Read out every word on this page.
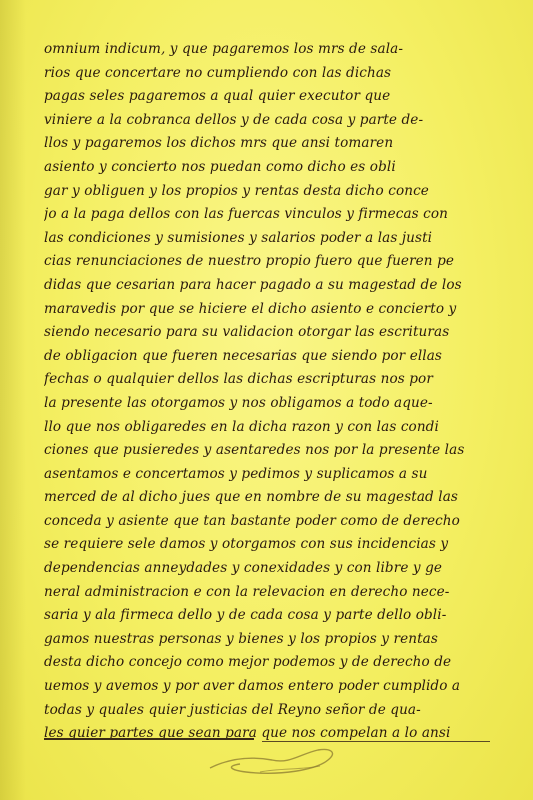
omnium indicum, y que pagaremos los mrs de sala-
rios que concertare no cumpliendo con las dichas
pagas seles pagaremos a qual quier executor que
viniere a la cobranca dellos y de cada cosa y parte de-
llos y pagaremos los dichos mrs que ansi tomaren
asiento y concierto nos puedan como dicho es obli
gar y obliguen y los propios y rentas desta dicho conce
jo a la paga dellos con las fuercas vinculos y firmecas con
las condiciones y sumisiones y salarios poder a las justi
cias renunciaciones de nuestro propio fuero que fueren pe
didas que cesarian para hacer pagado a su magestad de los
maravedis por que se hiciere el dicho asiento e concierto y
siendo necesario para su validacion otorgar las escrituras
de obligacion que fueren necesarias que siendo por ellas
fechas o qualquier dellos las dichas escripturas nos por
la presente las otorgamos y nos obligamos a todo aque-
llo que nos obligaredes en la dicha razon y con las condi
ciones que pusieredes y asentaredes nos por la presente las
asentamos e concertamos y pedimos y suplicamos a su
merced de al dicho jues que en nombre de su magestad las
conceda y asiente que tan bastante poder como de derecho
se requiere sele damos y otorgamos con sus incidencias y
dependencias anneydades y conexidades y con libre y ge
neral administracion e con la relevacion en derecho nece-
saria y ala firmeca dello y de cada cosa y parte dello obli-
gamos nuestras personas y bienes y los propios y rentas
desta dicho concejo como mejor podemos y de derecho de
uemos y avemos y por aver damos entero poder cumplido a
todas y quales quier justicias del Reyno señor de qua-
les quier partes que sean para que nos compelan a lo ansi
